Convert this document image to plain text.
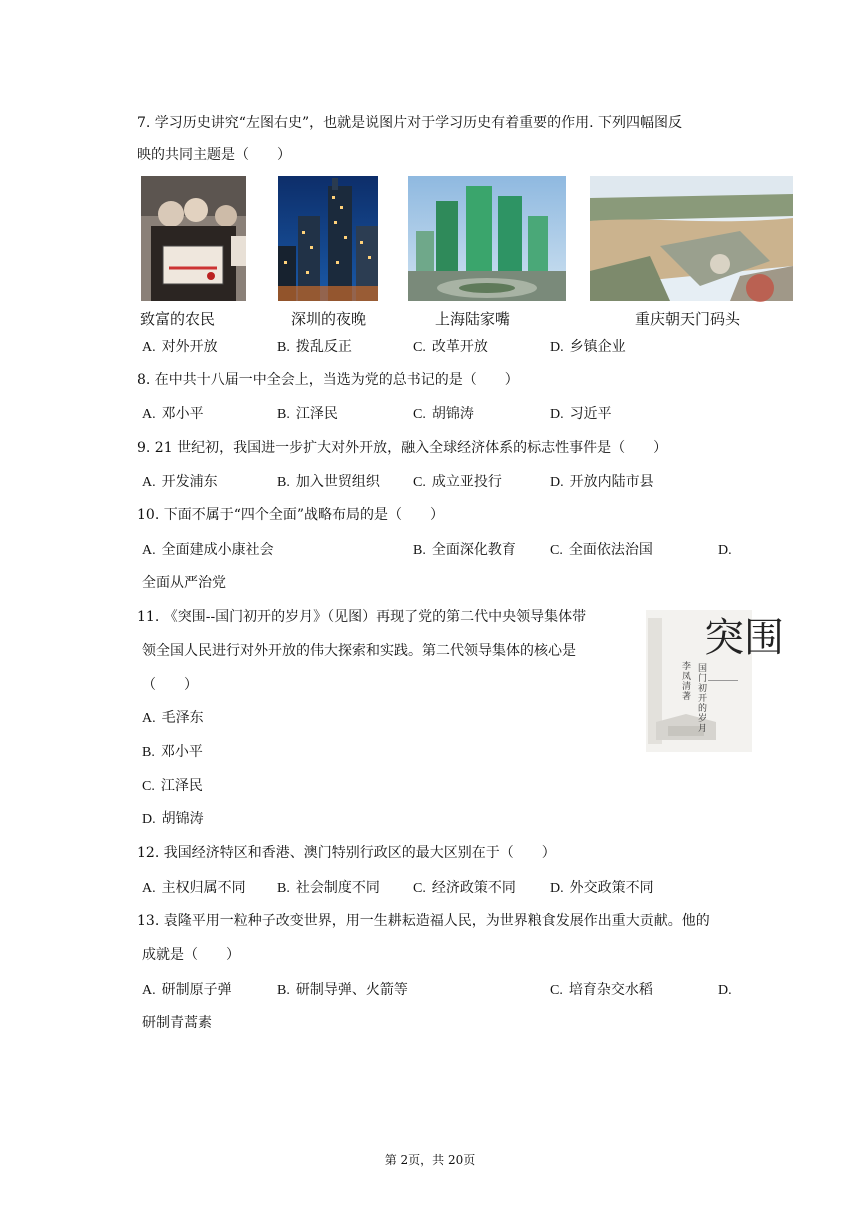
7. 学习历史讲究“左图右史”，也就是说图片对于学习历史有着重要的作用. 下列四幅图反
映的共同主题是（　　）
致富的农民	深圳的夜晚	上海陆家嘴	重庆朝天门码头
A. 对外开放	B. 拨乱反正	C. 改革开放	D. 乡镇企业
8. 在中共十八届一中全会上，当选为党的总书记的是（　　）
A. 邓小平	B. 江泽民	C. 胡锦涛	D. 习近平
9. 21 世纪初，我国进一步扩大对外开放，融入全球经济体系的标志性事件是（　　）
A. 开发浦东	B. 加入世贸组织 C. 成立亚投行	D. 开放内陆市县
10. 下面不属于“四个全面”战略布局的是（　　）
A. 全面建成小康社会	B. 全面深化教育 C. 全面依法治国	D.
全面从严治党
11. 《突围--国门初开的岁月》（见图）再现了党的第二代中央领导集体带
领全国人民进行对外开放的伟大探索和实践。第二代领导集体的核心是
（　　）
A. 毛泽东
B. 邓小平
C. 江泽民
D. 胡锦涛
突围
李凤清 著
国门初开的岁月
12. 我国经济特区和香港、澳门特别行政区的最大区别在于（　　）
A. 主权归属不同 B. 社会制度不同 C. 经济政策不同 D. 外交政策不同
13. 袁隆平用一粒种子改变世界，用一生耕耘造福人民，为世界粮食发展作出重大贡献。他的
成就是（　　）
A. 研制原子弹	B. 研制导弹、火箭等	C. 培育杂交水稻	D.
研制青蒿素
第 2页，共 20页
